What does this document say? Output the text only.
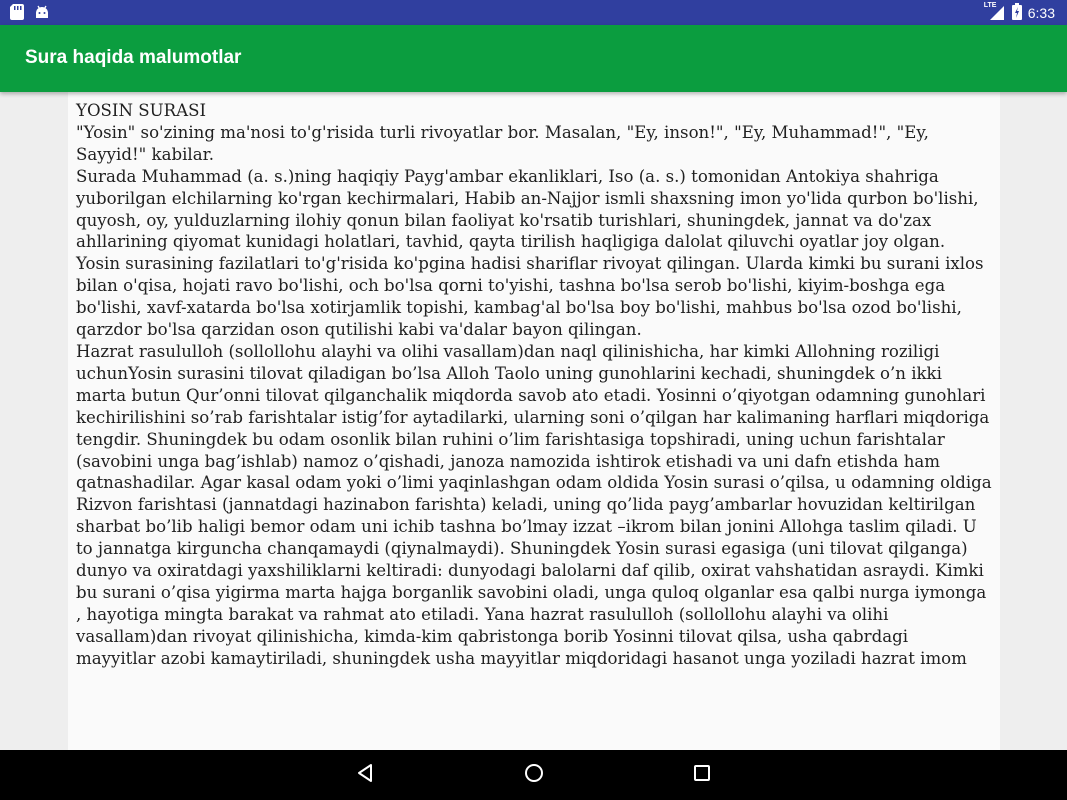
LTE 6:33
Sura haqida malumotlar
YOSIN SURASI
"Yosin" so'zining ma'nosi to'g'risida turli rivoyatlar bor. Masalan, "Ey, inson!", "Ey, Muhammad!", "Ey, Sayyid!" kabilar.
Surada Muhammad (a. s.)ning haqiqiy Payg'ambar ekanliklari, Iso (a. s.) tomonidan Antokiya shahriga yuborilgan elchilarning ko'rgan kechirmalari, Habib an-Najjor ismli shaxsning imon yo'lida qurbon bo'lishi, quyosh, oy, yulduzlarning ilohiy qonun bilan faoliyat ko'rsatib turishlari, shuningdek, jannat va do'zax
ahllarining qiyomat kunidagi holatlari, tavhid, qayta tirilish haqligiga dalolat qiluvchi oyatlar joy olgan. Yosin surasining fazilatlari to'g'risida ko'pgina hadisi shariflar rivoyat qilingan. Ularda kimki bu surani ixlos bilan o'qisa, hojati ravo bo'lishi, och bo'lsa qorni to'yishi, tashna bo'lsa serob bo'lishi, kiyim-boshga ega bo'lishi, xavf-xatarda bo'lsa xotirjamlik topishi, kambag'al bo'lsa boy bo'lishi, mahbus bo'lsa ozod bo'lishi, qarzdor bo'lsa qarzidan oson qutilishi kabi va'dalar bayon qilingan.
Hazrat rasululloh (sollollohu alayhi va olihi vasallam)dan naql qilinishicha, har kimki Allohning roziligi uchunYosin surasini tilovat qiladigan bo’lsa Alloh Taolo uning gunohlarini kechadi, shuningdek o’n ikki marta butun Qur’onni tilovat qilganchalik miqdorda savob ato etadi. Yosinni o’qiyotgan odamning gunohlari kechirilishini so’rab farishtalar istig’for aytadilarki, ularning soni o’qilgan har kalimaning harflari miqdoriga tengdir. Shuningdek bu odam osonlik bilan ruhini o’lim farishtasiga topshiradi, uning uchun farishtalar (savobini unga bag’ishlab) namoz o’qishadi, janoza namozida ishtirok etishadi va uni dafn etishda ham qatnashadilar. Agar kasal odam yoki o’limi yaqinlashgan odam oldida Yosin surasi o’qilsa, u odamning oldiga Rizvon farishtasi (jannatdagi hazinabon farishta) keladi, uning qo’lida payg’ambarlar hovuzidan keltirilgan sharbat bo’lib haligi bemor odam uni ichib tashna bo’lmay izzat –ikrom bilan jonini Allohga taslim qiladi. U to jannatga kirguncha chanqamaydi (qiynalmaydi). Shuningdek Yosin surasi egasiga (uni tilovat qilganga) dunyo va oxiratdagi yaxshiliklarni keltiradi: dunyodagi balolarni daf qilib, oxirat vahshatidan asraydi. Kimki bu surani o’qisa yigirma marta hajga borganlik savobini oladi, unga quloq olganlar esa qalbi nurga iymonga , hayotiga mingta barakat va rahmat ato etiladi. Yana hazrat rasululloh (sollollohu alayhi va olihi vasallam)dan rivoyat qilinishicha, kimda-kim qabristonga borib Yosinni tilovat qilsa, usha qabrdagi mayyitlar azobi kamaytiriladi, shuningdek usha mayyitlar miqdoridagi hasanot unga yoziladi hazrat imom
